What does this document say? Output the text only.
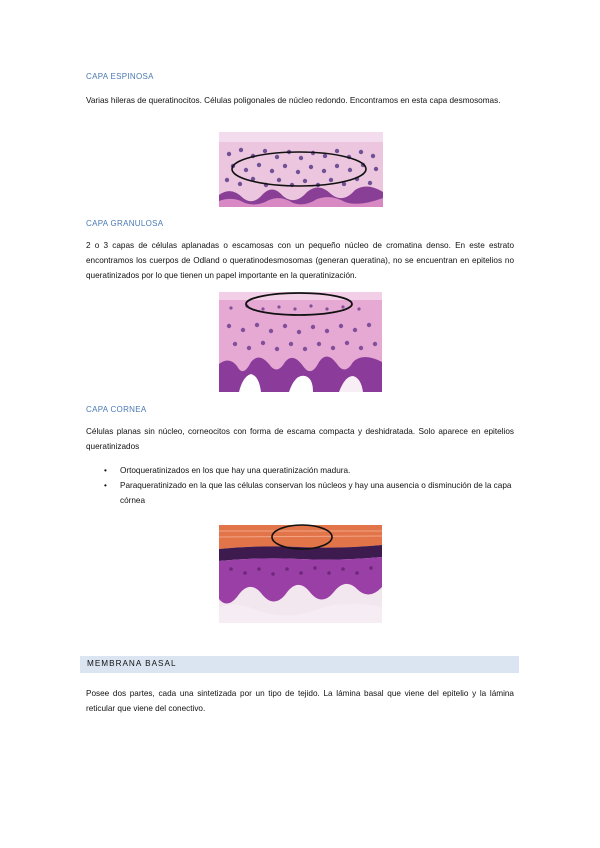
CAPA ESPINOSA
Varias hileras de queratinocitos. Células poligonales de núcleo redondo. Encontramos en esta capa desmosomas.
CAPA GRANULOSA
2 o 3 capas de células aplanadas o escamosas con un pequeño núcleo de cromatina denso. En este estrato encontramos los cuerpos de Odland o queratinodesmosomas (generan queratina), no se encuentran en epitelios no queratinizados por lo que tienen un papel importante en la queratinización.
CAPA CORNEA
Células planas sin núcleo, corneocitos con forma de escama compacta y deshidratada. Solo aparece en epitelios queratinizados
• Ortoqueratinizados en los que hay una queratinización madura.
• Paraqueratinizado en la que las células conservan los núcleos y hay una ausencia o disminución de la capa córnea
MEMBRANA BASAL
Posee dos partes, cada una sintetizada por un tipo de tejido. La lámina basal que viene del epitelio y la lámina reticular que viene del conectivo.
